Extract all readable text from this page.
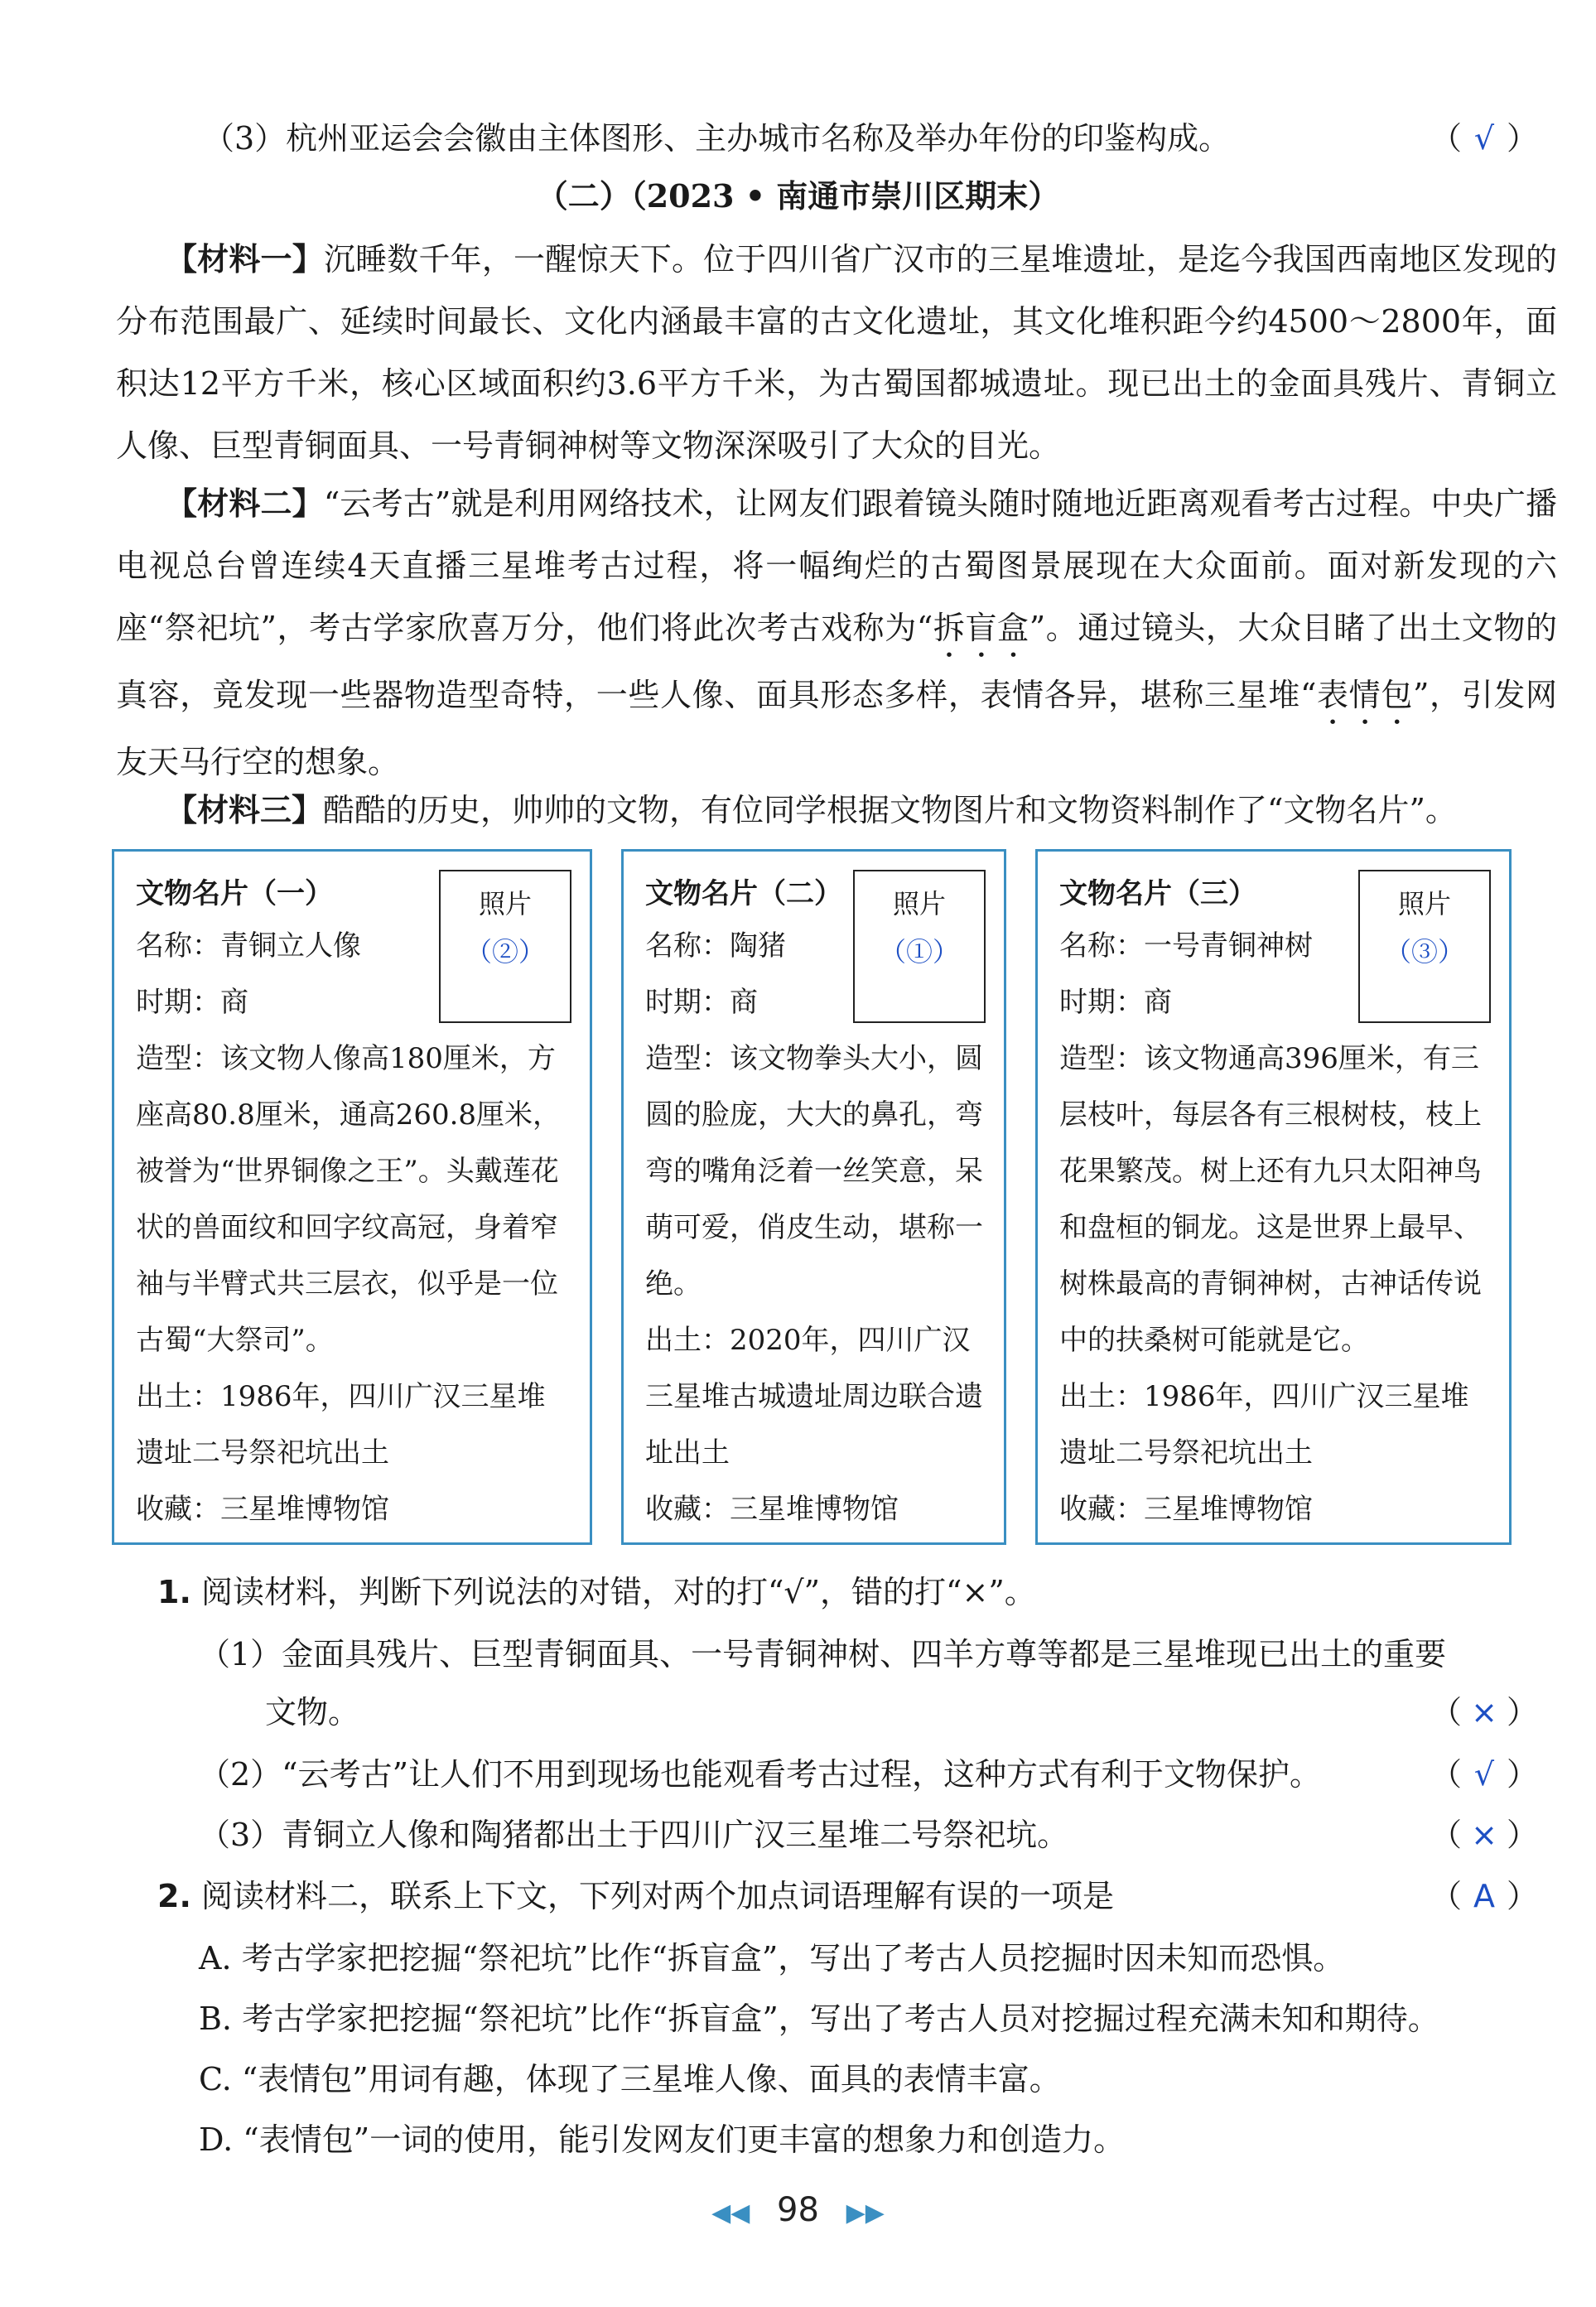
（3）杭州亚运会会徽由主体图形、主办城市名称及举办年份的印鉴构成。	（ √ ）
（二）（2023 • 南通市崇川区期末）
【材料一】沉睡数千年，一醒惊天下。位于四川省广汉市的三星堆遗址，是迄今我国西南地区发现的分布范围最广、延续时间最长、文化内涵最丰富的古文化遗址，其文化堆积距今约4500～2800年，面积达12平方千米，核心区域面积约3.6平方千米，为古蜀国都城遗址。现已出土的金面具残片、青铜立人像、巨型青铜面具、一号青铜神树等文物深深吸引了大众的目光。
【材料二】“云考古”就是利用网络技术，让网友们跟着镜头随时随地近距离观看考古过程。中央广播电视总台曾连续4天直播三星堆考古过程，将一幅绚烂的古蜀图景展现在大众面前。面对新发现的六座“祭祀坑”，考古学家欣喜万分，他们将此次考古戏称为“拆盲盒”。通过镜头，大众目睹了出土文物的真容，竟发现一些器物造型奇特，一些人像、面具形态多样，表情各异，堪称三星堆“表情包”，引发网友天马行空的想象。
【材料三】酷酷的历史，帅帅的文物，有位同学根据文物图片和文物资料制作了“文物名片”。
文物名片（一）	照片
（②）
名称：青铜立人像
时期：商
造型：该文物人像高180厘米，方座高80.8厘米，通高260.8厘米，被誉为“世界铜像之王”。头戴莲花状的兽面纹和回字纹高冠，身着窄袖与半臂式共三层衣，似乎是一位古蜀“大祭司”。
出土：1986年，四川广汉三星堆遗址二号祭祀坑出土
收藏：三星堆博物馆
文物名片（二）	照片
（①）
名称：陶猪
时期：商
造型：该文物拳头大小，圆圆的脸庞，大大的鼻孔，弯弯的嘴角泛着一丝笑意，呆萌可爱，俏皮生动，堪称一绝。
出土：2020年，四川广汉三星堆古城遗址周边联合遗址出土
收藏：三星堆博物馆
文物名片（三）	照片
（③）
名称：一号青铜神树
时期：商
造型：该文物通高396厘米，有三层枝叶，每层各有三根树枝，枝上花果繁茂。树上还有九只太阳神鸟和盘桓的铜龙。这是世界上最早、树株最高的青铜神树，古神话传说中的扶桑树可能就是它。
出土：1986年，四川广汉三星堆遗址二号祭祀坑出土
收藏：三星堆博物馆
1. 阅读材料，判断下列说法的对错，对的打“√”，错的打“×”。
（1）金面具残片、巨型青铜面具、一号青铜神树、四羊方尊等都是三星堆现已出土的重要
文物。	（ × ）
（2）“云考古”让人们不用到现场也能观看考古过程，这种方式有利于文物保护。	（ √ ）
（3）青铜立人像和陶猪都出土于四川广汉三星堆二号祭祀坑。	（ × ）
2. 阅读材料二，联系上下文，下列对两个加点词语理解有误的一项是	（ A ）
A. 考古学家把挖掘“祭祀坑”比作“拆盲盒”，写出了考古人员挖掘时因未知而恐惧。
B. 考古学家把挖掘“祭祀坑”比作“拆盲盒”，写出了考古人员对挖掘过程充满未知和期待。
C. “表情包”用词有趣，体现了三星堆人像、面具的表情丰富。
D. “表情包”一词的使用，能引发网友们更丰富的想象力和创造力。
◀◀ 98 ▶▶
